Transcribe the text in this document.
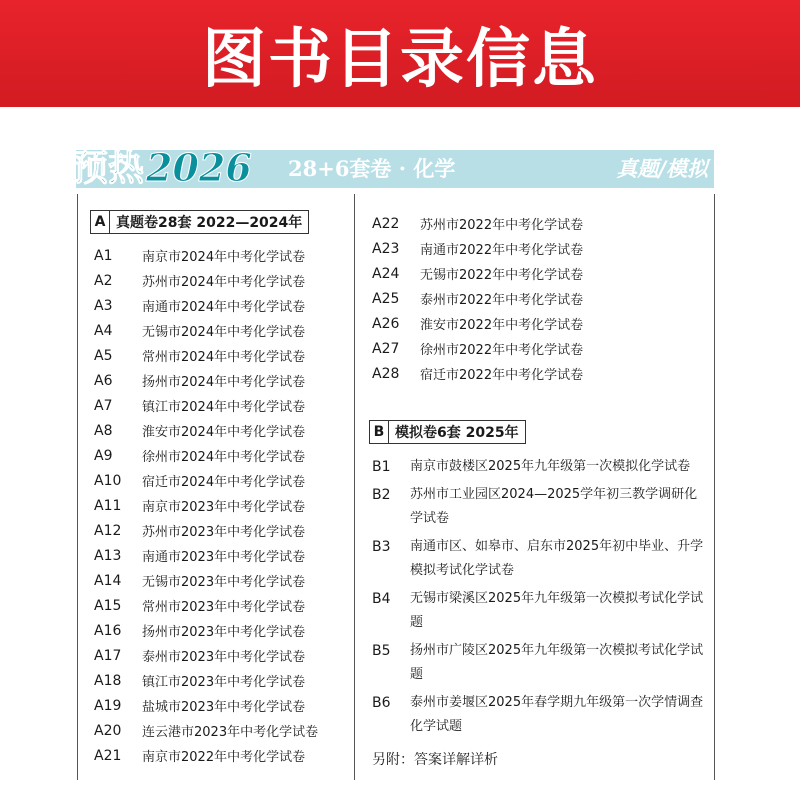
图书目录信息
预热 2026 28+6套卷 · 化学	真题/模拟
A 真题卷28套 2022—2024年
A1	南京市2024年中考化学试卷
A2	苏州市2024年中考化学试卷
A3	南通市2024年中考化学试卷
A4	无锡市2024年中考化学试卷
A5	常州市2024年中考化学试卷
A6	扬州市2024年中考化学试卷
A7	镇江市2024年中考化学试卷
A8	淮安市2024年中考化学试卷
A9	徐州市2024年中考化学试卷
A10	宿迁市2024年中考化学试卷
A11	南京市2023年中考化学试卷
A12	苏州市2023年中考化学试卷
A13	南通市2023年中考化学试卷
A14	无锡市2023年中考化学试卷
A15	常州市2023年中考化学试卷
A16	扬州市2023年中考化学试卷
A17	泰州市2023年中考化学试卷
A18	镇江市2023年中考化学试卷
A19	盐城市2023年中考化学试卷
A20	连云港市2023年中考化学试卷
A21	南京市2022年中考化学试卷
A22	苏州市2022年中考化学试卷
A23	南通市2022年中考化学试卷
A24	无锡市2022年中考化学试卷
A25	泰州市2022年中考化学试卷
A26	淮安市2022年中考化学试卷
A27	徐州市2022年中考化学试卷
A28	宿迁市2022年中考化学试卷
B 模拟卷6套 2025年
B1	南京市鼓楼区2025年九年级第一次模拟化学试卷
B2	苏州市工业园区2024—2025学年初三教学调研化学试卷
B3	南通市区、如皋市、启东市2025年初中毕业、升学模拟考试化学试卷
B4	无锡市梁溪区2025年九年级第一次模拟考试化学试题
B5	扬州市广陵区2025年九年级第一次模拟考试化学试题
B6	泰州市姜堰区2025年春学期九年级第一次学情调查化学试题
另附：答案详解详析
